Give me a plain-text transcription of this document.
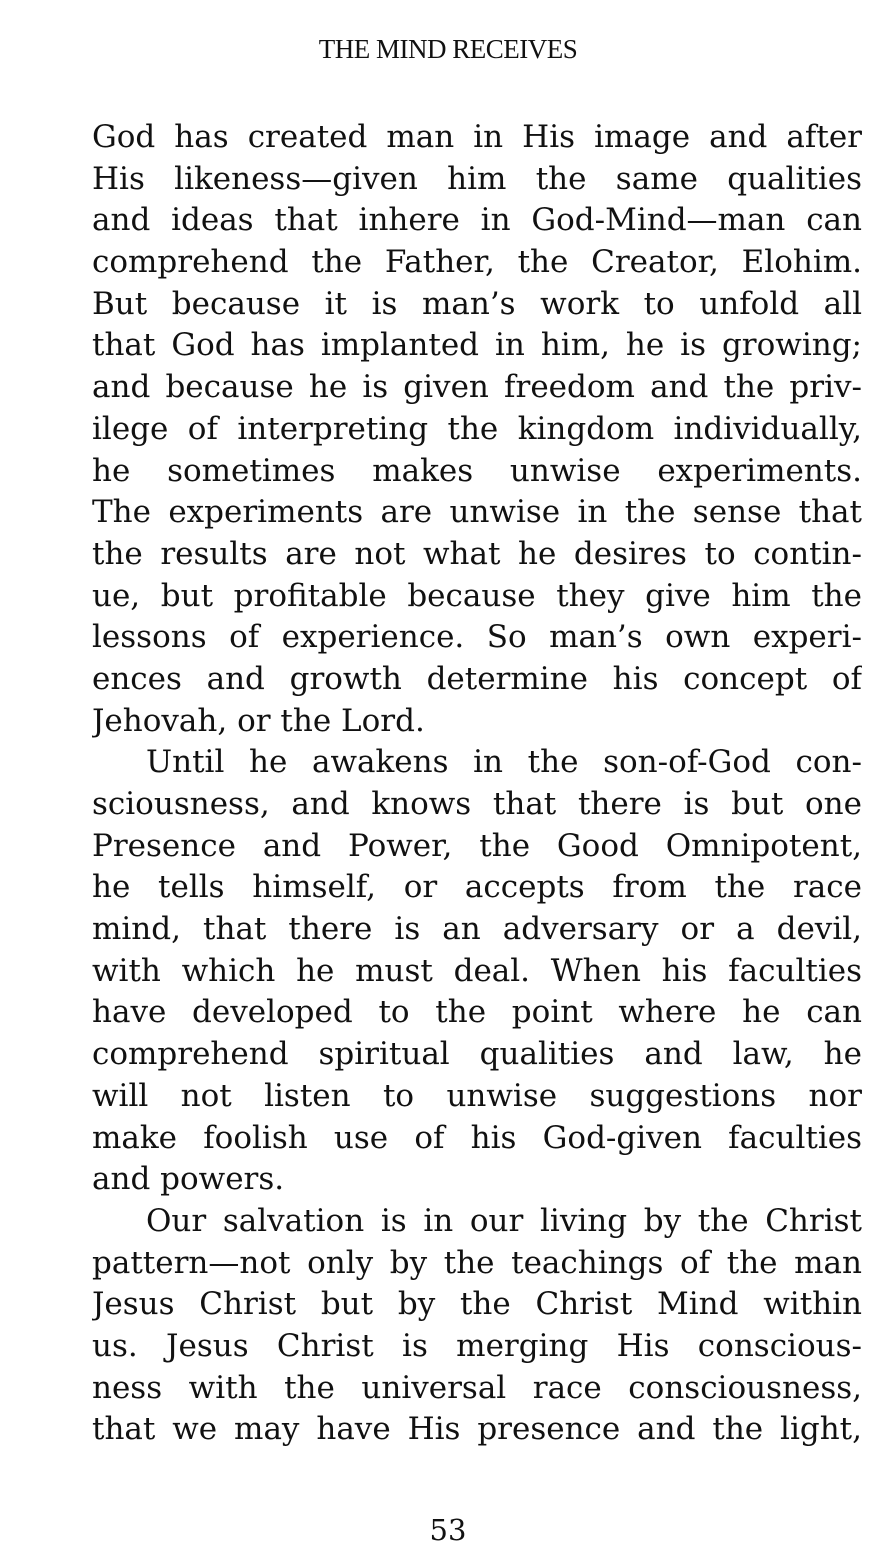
THE MIND RECEIVES
God has created man in His image and after
His likeness—given him the same qualities
and ideas that inhere in God-Mind—man can
comprehend the Father, the Creator, Elohim.
But because it is man’s work to unfold all
that God has implanted in him, he is growing;
and because he is given freedom and the priv-
ilege of interpreting the kingdom individually,
he sometimes makes unwise experiments.
The experiments are unwise in the sense that
the results are not what he desires to contin-
ue, but profitable because they give him the
lessons of experience. So man’s own experi-
ences and growth determine his concept of
Jehovah, or the Lord.
Until he awakens in the son-of-God con-
sciousness, and knows that there is but one
Presence and Power, the Good Omnipotent,
he tells himself, or accepts from the race
mind, that there is an adversary or a devil,
with which he must deal. When his faculties
have developed to the point where he can
comprehend spiritual qualities and law, he
will not listen to unwise suggestions nor
make foolish use of his God-given faculties
and powers.
Our salvation is in our living by the Christ
pattern—not only by the teachings of the man
Jesus Christ but by the Christ Mind within
us. Jesus Christ is merging His conscious-
ness with the universal race consciousness,
that we may have His presence and the light,
53
